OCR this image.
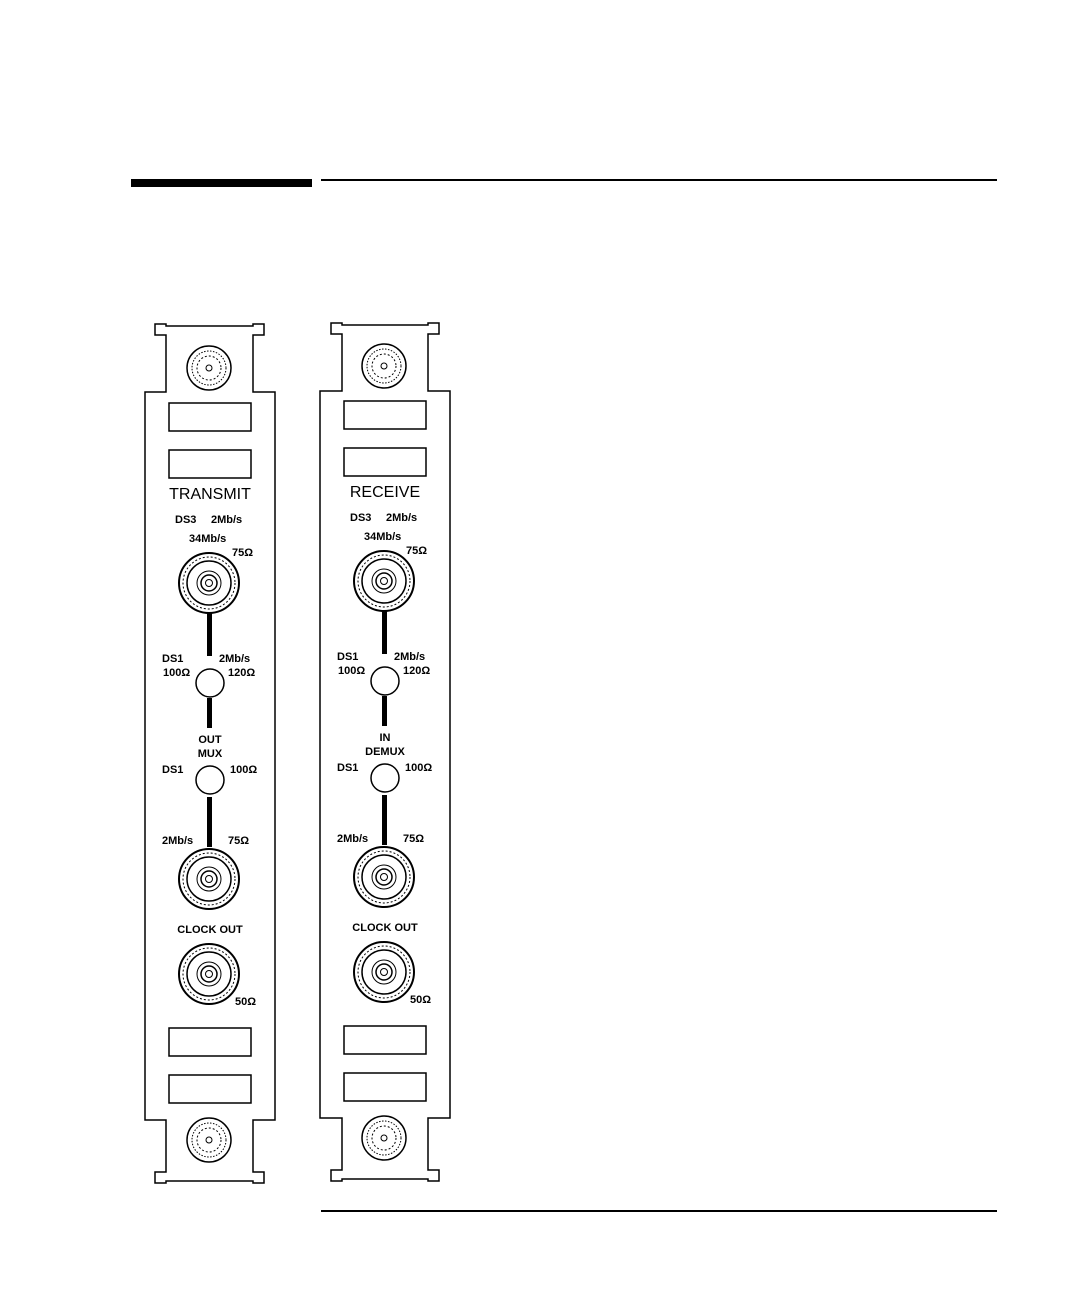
TRANSMIT
DS3 2Mb/s
34Mb/s
75Ω
DS1
100Ω
2Mb/s
120Ω
OUT
MUX
DS1	100Ω
2Mb/s	75Ω
CLOCK OUT
50Ω
RECEIVE
DS3 2Mb/s
34Mb/s
75Ω
DS1
100Ω
2Mb/s
120Ω
IN
DEMUX
DS1	100Ω
2Mb/s	75Ω
CLOCK OUT
50Ω
